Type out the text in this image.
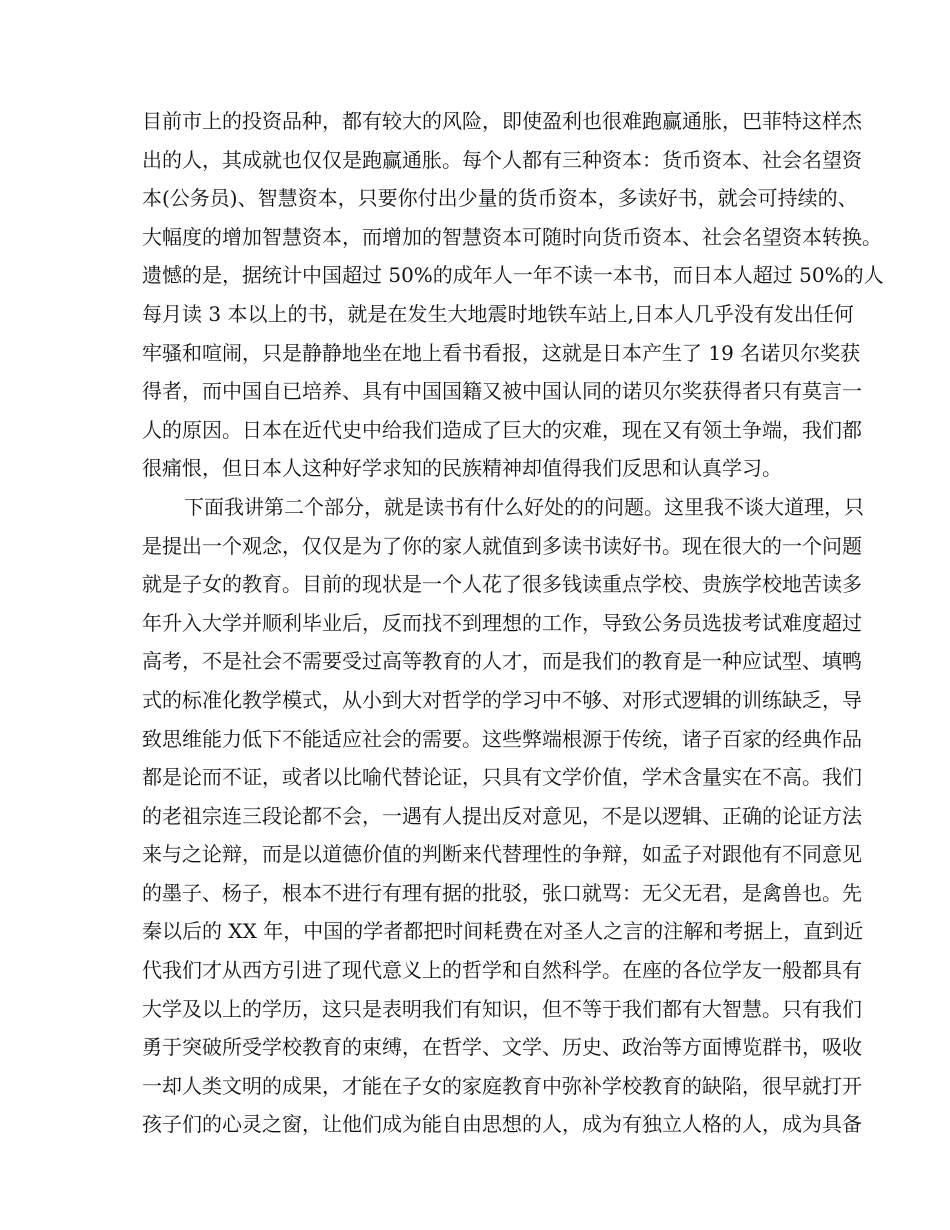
目前市上的投资品种，都有较大的风险，即使盈利也很难跑赢通胀，巴菲特这样杰
出的人，其成就也仅仅是跑赢通胀。每个人都有三种资本：货币资本、社会名望资
本(公务员)、智慧资本，只要你付出少量的货币资本，多读好书，就会可持续的、
大幅度的增加智慧资本，而增加的智慧资本可随时向货币资本、社会名望资本转换。
遗憾的是，据统计中国超过 50%的成年人一年不读一本书，而日本人超过 50%的人
每月读 3 本以上的书，就是在发生大地震时地铁车站上,日本人几乎没有发出任何
牢骚和喧闹，只是静静地坐在地上看书看报，这就是日本产生了 19 名诺贝尔奖获
得者，而中国自已培养、具有中国国籍又被中国认同的诺贝尔奖获得者只有莫言一
人的原因。日本在近代史中给我们造成了巨大的灾难，现在又有领土争端，我们都
很痛恨，但日本人这种好学求知的民族精神却值得我们反思和认真学习。
下面我讲第二个部分，就是读书有什么好处的的问题。这里我不谈大道理，只
是提出一个观念，仅仅是为了你的家人就值到多读书读好书。现在很大的一个问题
就是子女的教育。目前的现状是一个人花了很多钱读重点学校、贵族学校地苦读多
年升入大学并顺利毕业后，反而找不到理想的工作，导致公务员选拔考试难度超过
高考，不是社会不需要受过高等教育的人才，而是我们的教育是一种应试型、填鸭
式的标准化教学模式，从小到大对哲学的学习中不够、对形式逻辑的训练缺乏，导
致思维能力低下不能适应社会的需要。这些弊端根源于传统，诸子百家的经典作品
都是论而不证，或者以比喻代替论证，只具有文学价值，学术含量实在不高。我们
的老祖宗连三段论都不会，一遇有人提出反对意见，不是以逻辑、正确的论证方法
来与之论辩，而是以道德价值的判断来代替理性的争辩，如孟子对跟他有不同意见
的墨子、杨子，根本不进行有理有据的批驳，张口就骂：无父无君，是禽兽也。先
秦以后的 XX 年，中国的学者都把时间耗费在对圣人之言的注解和考据上，直到近
代我们才从西方引进了现代意义上的哲学和自然科学。在座的各位学友一般都具有
大学及以上的学历，这只是表明我们有知识，但不等于我们都有大智慧。只有我们
勇于突破所受学校教育的束缚，在哲学、文学、历史、政治等方面博览群书，吸收
一却人类文明的成果，才能在子女的家庭教育中弥补学校教育的缺陷，很早就打开
孩子们的心灵之窗，让他们成为能自由思想的人，成为有独立人格的人，成为具备
